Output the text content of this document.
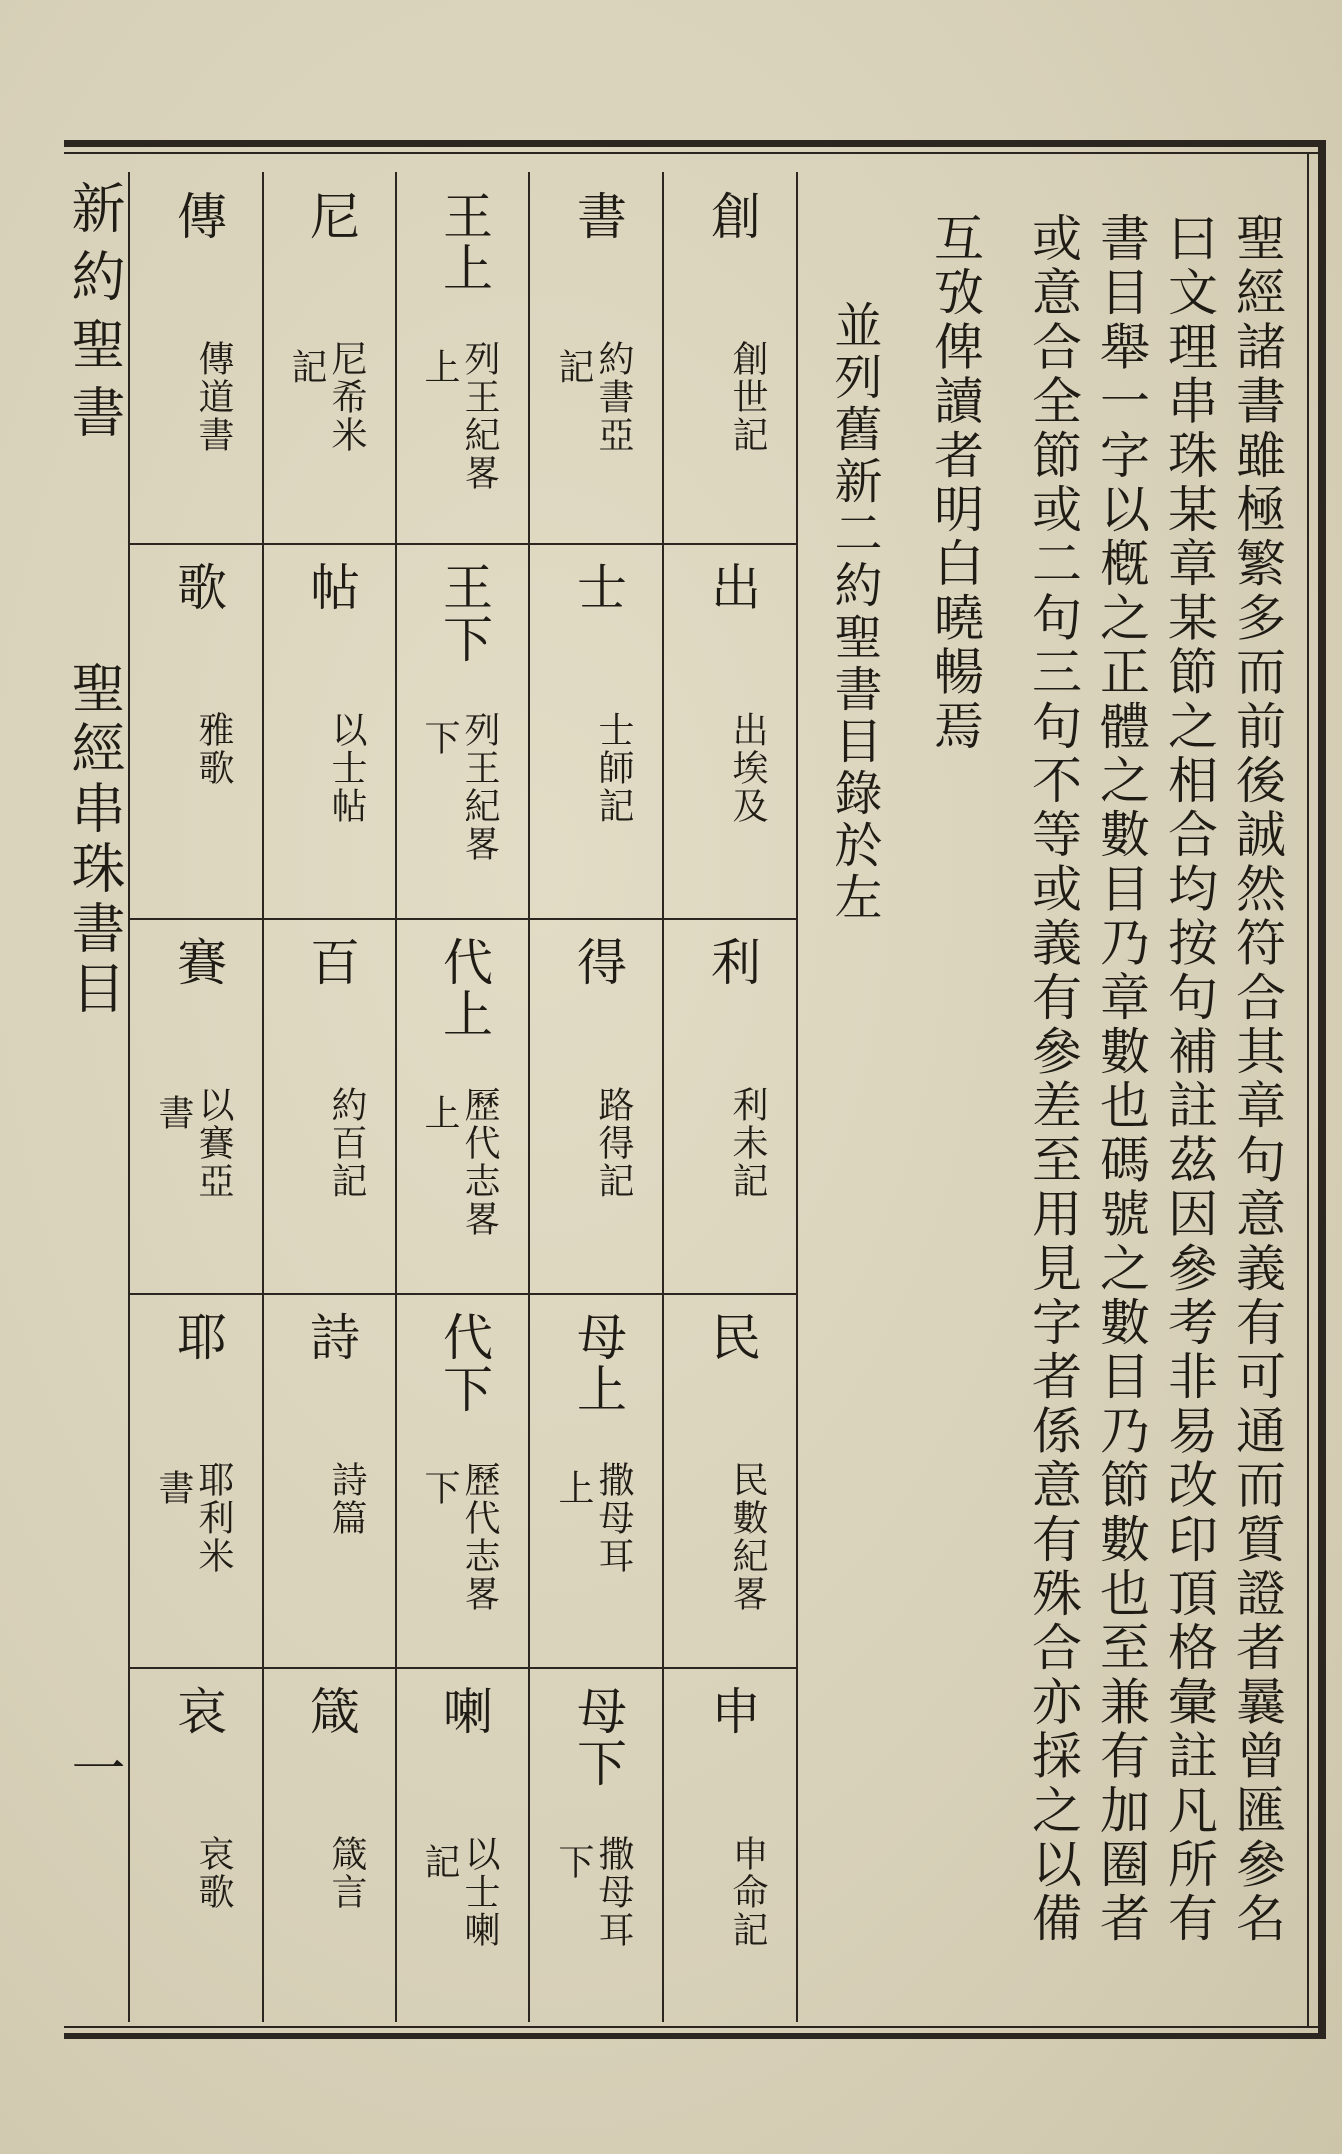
新約聖書
聖經串珠書目
一	聖經諸書雖極繁多而前後誠然符合其章句意義有可通而質證者曩曾匯參名
曰文理串珠某章某節之相合均按句補註茲因參考非易改印頂格彙註凡所有
書目舉一字以槪之正體之數目乃章數也碼號之數目乃節數也至兼有加圈者
或意合全節或二句三句不等或義有參差至用見字者係意有殊合亦採之以備
互攷俾讀者明白曉暢焉
並列舊新二約聖書目錄於左
創
創世記
出
出埃及
利
利未記
民
民數紀畧
申
申命記
書
約書亞
記
士
士師記
得
路得記
母上
撒母耳
上
母下
撒母耳
下
王上
列王紀畧
上
王下
列王紀畧
下
代上
歷代志畧
上
代下
歷代志畧
下
喇
以士喇
記
尼
尼希米
記
帖
以士帖
百
約百記
詩
詩篇
箴
箴言
傳
傳道書
歌
雅歌
賽
以賽亞
書
耶
耶利米
書
哀
哀歌
